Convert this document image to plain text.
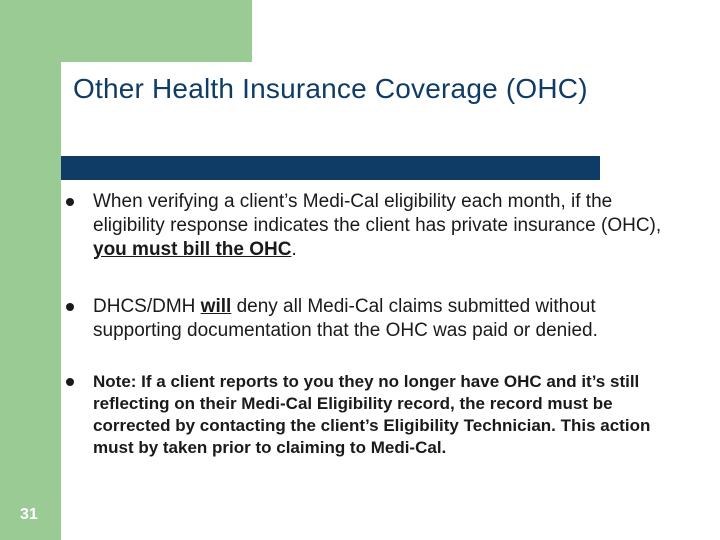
Other Health Insurance Coverage (OHC)
When verifying a client’s Medi-Cal eligibility each month, if the eligibility response indicates the client has private insurance (OHC), you must bill the OHC.
DHCS/DMH will deny all Medi-Cal claims submitted without supporting documentation that the OHC was paid or denied.
Note: If a client reports to you they no longer have OHC and it’s still reflecting on their Medi-Cal Eligibility record, the record must be corrected by contacting the client’s Eligibility Technician. This action must by taken prior to claiming to Medi-Cal.
31
